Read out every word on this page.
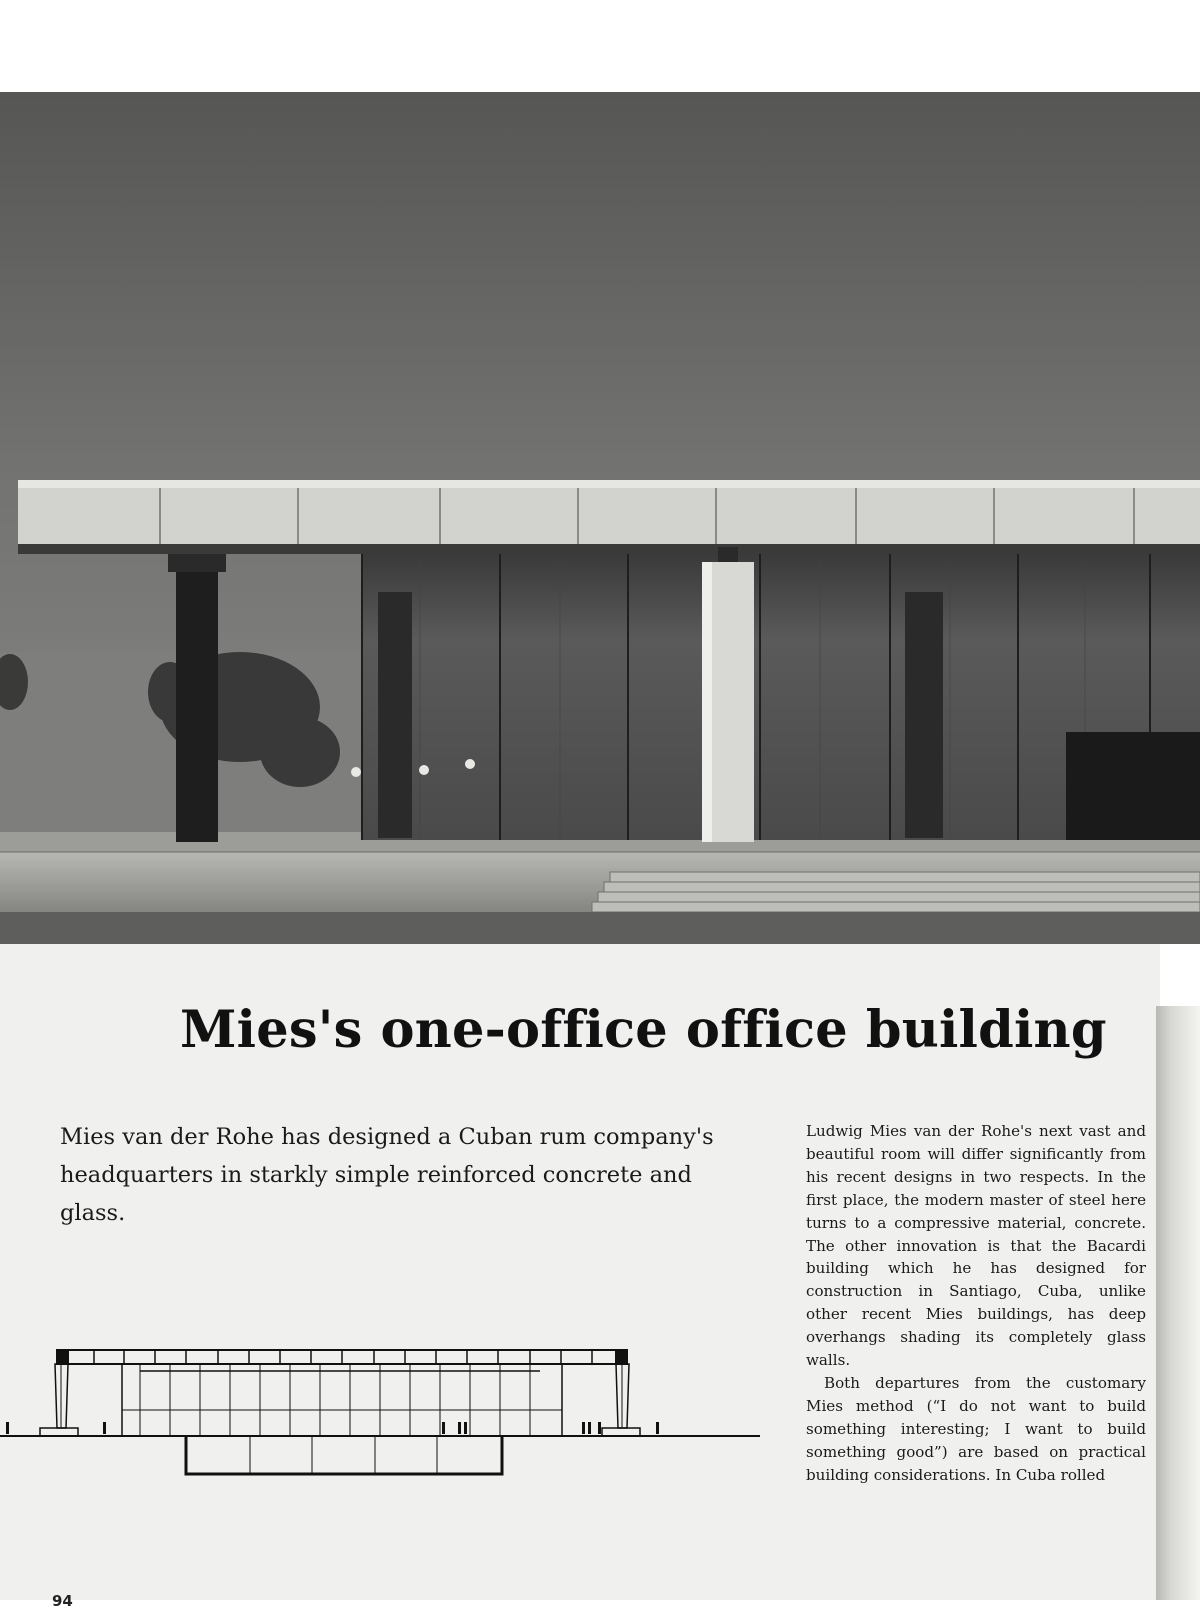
Mies's one-office office building

Mies van der Rohe has designed a Cuban rum company's headquarters in starkly simple reinforced concrete and glass.

Ludwig Mies van der Rohe's next vast and beautiful room will differ significantly from his recent designs in two respects. In the first place, the modern master of steel here turns to a compressive material, concrete. The other innovation is that the Bacardi building which he has designed for construction in Santiago, Cuba, unlike other recent Mies buildings, has deep overhangs shading its completely glass walls.

Both departures from the customary Mies method (“I do not want to build something interesting; I want to build something good”) are based on practical building considerations. In Cuba rolled

94
